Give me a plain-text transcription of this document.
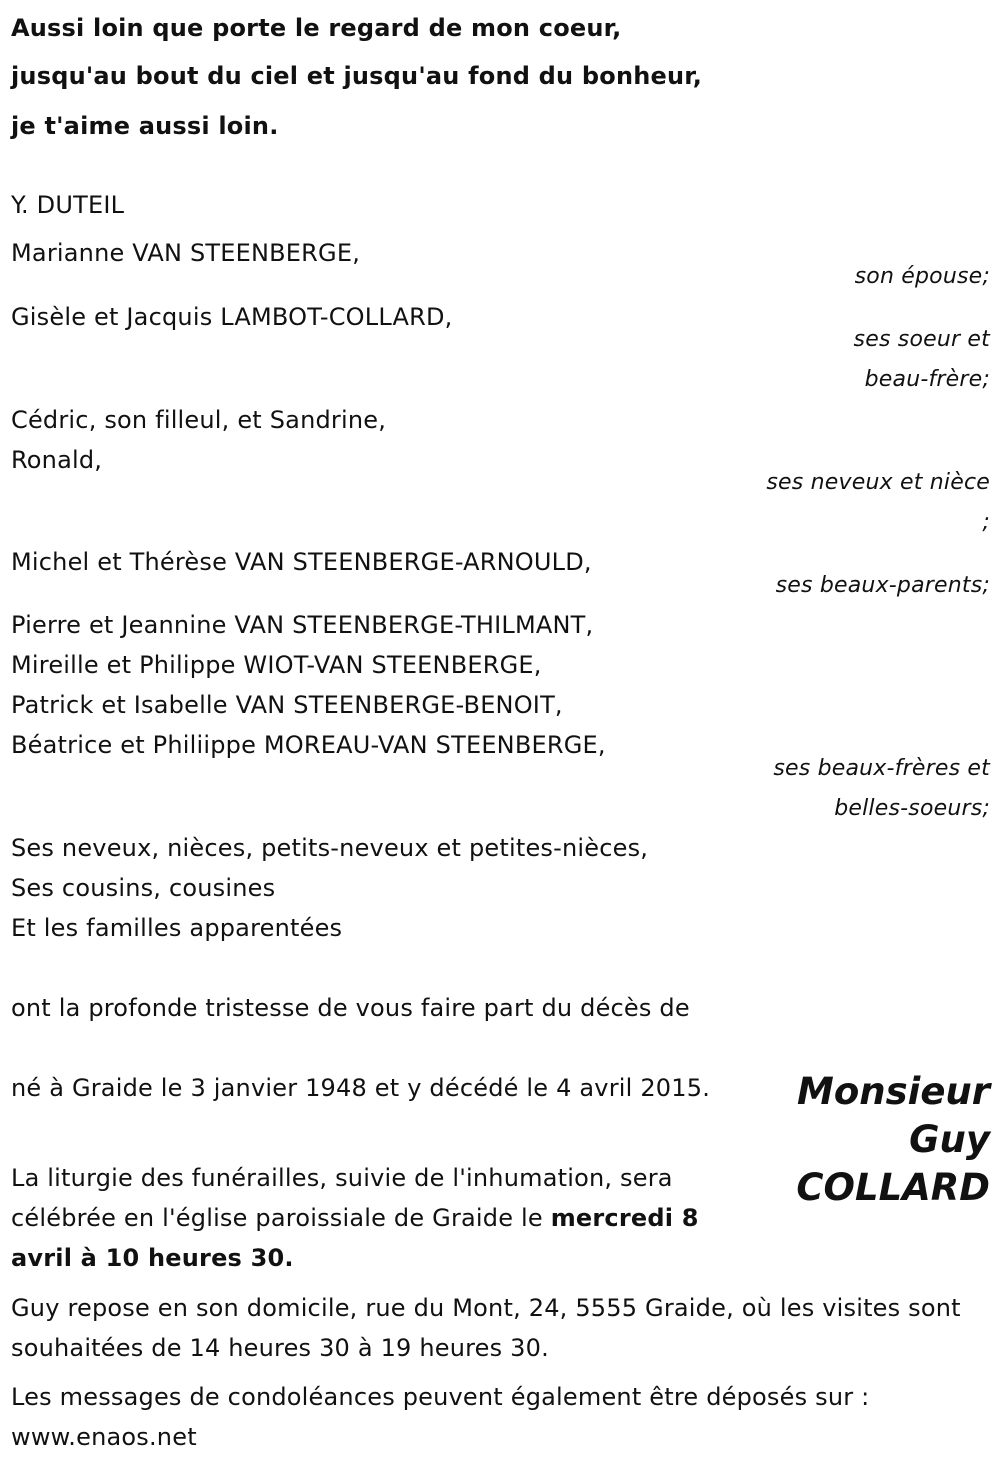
Aussi loin que porte le regard de mon coeur,

jusqu'au bout du ciel et jusqu'au fond du bonheur,

je t'aime aussi loin.

Y. DUTEIL

Marianne VAN STEENBERGE,

son épouse;

Gisèle et Jacquis LAMBOT-COLLARD,

ses soeur et

beau-frère;

Cédric, son filleul, et Sandrine,

Ronald,

ses neveux et nièce

;

Michel et Thérèse VAN STEENBERGE-ARNOULD,

ses beaux-parents;

Pierre et Jeannine VAN STEENBERGE-THILMANT,

Mireille et Philippe WIOT-VAN STEENBERGE,

Patrick et Isabelle VAN STEENBERGE-BENOIT,

Béatrice et Philiippe MOREAU-VAN STEENBERGE,

ses beaux-frères et

belles-soeurs;

Ses neveux, nièces, petits-neveux et petites-nièces,

Ses cousins, cousines

Et les familles apparentées

ont la profonde tristesse de vous faire part du décès de

Monsieur
Guy
COLLARD

né à Graide le 3 janvier 1948 et y décédé le 4 avril 2015.

La liturgie des funérailles, suivie de l'inhumation, sera célébrée en l'église paroissiale de Graide le mercredi 8 avril à 10 heures 30.

Guy repose en son domicile, rue du Mont, 24, 5555 Graide, où les visites sont souhaitées de 14 heures 30 à 19 heures 30.

Les messages de condoléances peuvent également être déposés sur :

www.enaos.net
